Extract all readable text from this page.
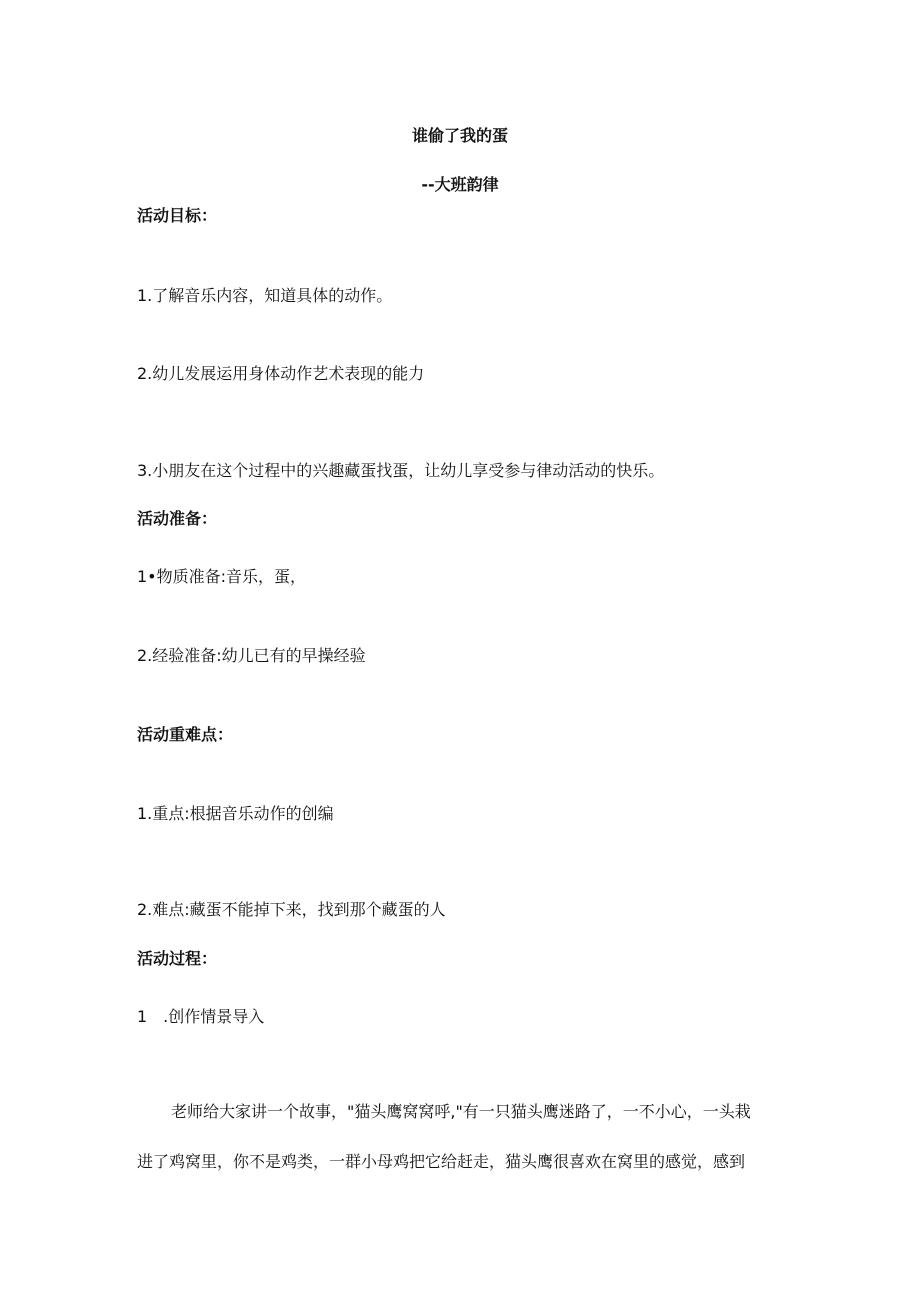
谁偷了我的蛋
--大班韵律
活动目标：
1.了解音乐内容，知道具体的动作。
2.幼儿发展运用身体动作艺术表现的能力
3.小朋友在这个过程中的兴趣藏蛋找蛋，让幼儿享受参与律动活动的快乐。
活动准备：
1•物质准备:音乐，蛋，
2.经验准备:幼儿已有的早操经验
活动重难点：
1.重点:根据音乐动作的创编
2.难点:藏蛋不能掉下来，找到那个藏蛋的人
活动过程：
1　.创作情景导入
老师给大家讲一个故事，"猫头鹰窝窝呼,"有一只猫头鹰迷路了，一不小心，一头栽
进了鸡窝里，你不是鸡类，一群小母鸡把它给赶走，猫头鹰很喜欢在窝里的感觉，感到
